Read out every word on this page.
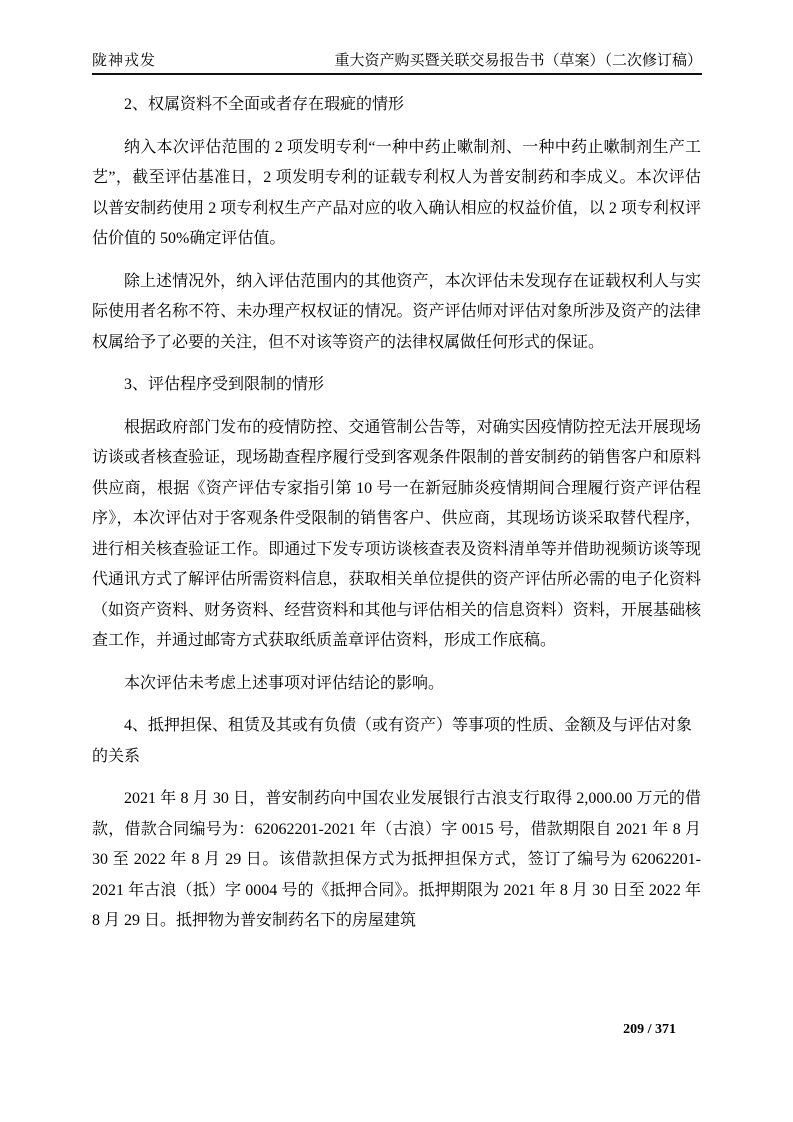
陇神戎发	重大资产购买暨关联交易报告书（草案）（二次修订稿）
2、权属资料不全面或者存在瑕疵的情形

纳入本次评估范围的 2 项发明专利“一种中药止嗽制剂、一种中药止嗽制剂生产工艺”，截至评估基准日，2 项发明专利的证载专利权人为普安制药和李成义。本次评估以普安制药使用 2 项专利权生产产品对应的收入确认相应的权益价值，以 2 项专利权评估价值的 50%确定评估值。

除上述情况外，纳入评估范围内的其他资产，本次评估未发现存在证载权利人与实际使用者名称不符、未办理产权权证的情况。资产评估师对评估对象所涉及资产的法律权属给予了必要的关注，但不对该等资产的法律权属做任何形式的保证。

3、评估程序受到限制的情形

根据政府部门发布的疫情防控、交通管制公告等，对确实因疫情防控无法开展现场访谈或者核查验证，现场勘查程序履行受到客观条件限制的普安制药的销售客户和原料供应商，根据《资产评估专家指引第 10 号一在新冠肺炎疫情期间合理履行资产评估程序》，本次评估对于客观条件受限制的销售客户、供应商，其现场访谈采取替代程序，进行相关核查验证工作。即通过下发专项访谈核查表及资料清单等并借助视频访谈等现代通讯方式了解评估所需资料信息，获取相关单位提供的资产评估所必需的电子化资料（如资产资料、财务资料、经营资料和其他与评估相关的信息资料）资料，开展基础核查工作，并通过邮寄方式获取纸质盖章评估资料，形成工作底稿。

本次评估未考虑上述事项对评估结论的影响。

4、抵押担保、租赁及其或有负债（或有资产）等事项的性质、金额及与评估对象的关系

2021 年 8 月 30 日，普安制药向中国农业发展银行古浪支行取得 2,000.00 万元的借款，借款合同编号为：62062201-2021 年（古浪）字 0015 号，借款期限自 2021 年 8 月 30 至 2022 年 8 月 29 日。该借款担保方式为抵押担保方式，签订了编号为 62062201-2021 年古浪（抵）字 0004 号的《抵押合同》。抵押期限为 2021 年 8 月 30 日至 2022 年 8 月 29 日。抵押物为普安制药名下的房屋建筑

209 / 371
